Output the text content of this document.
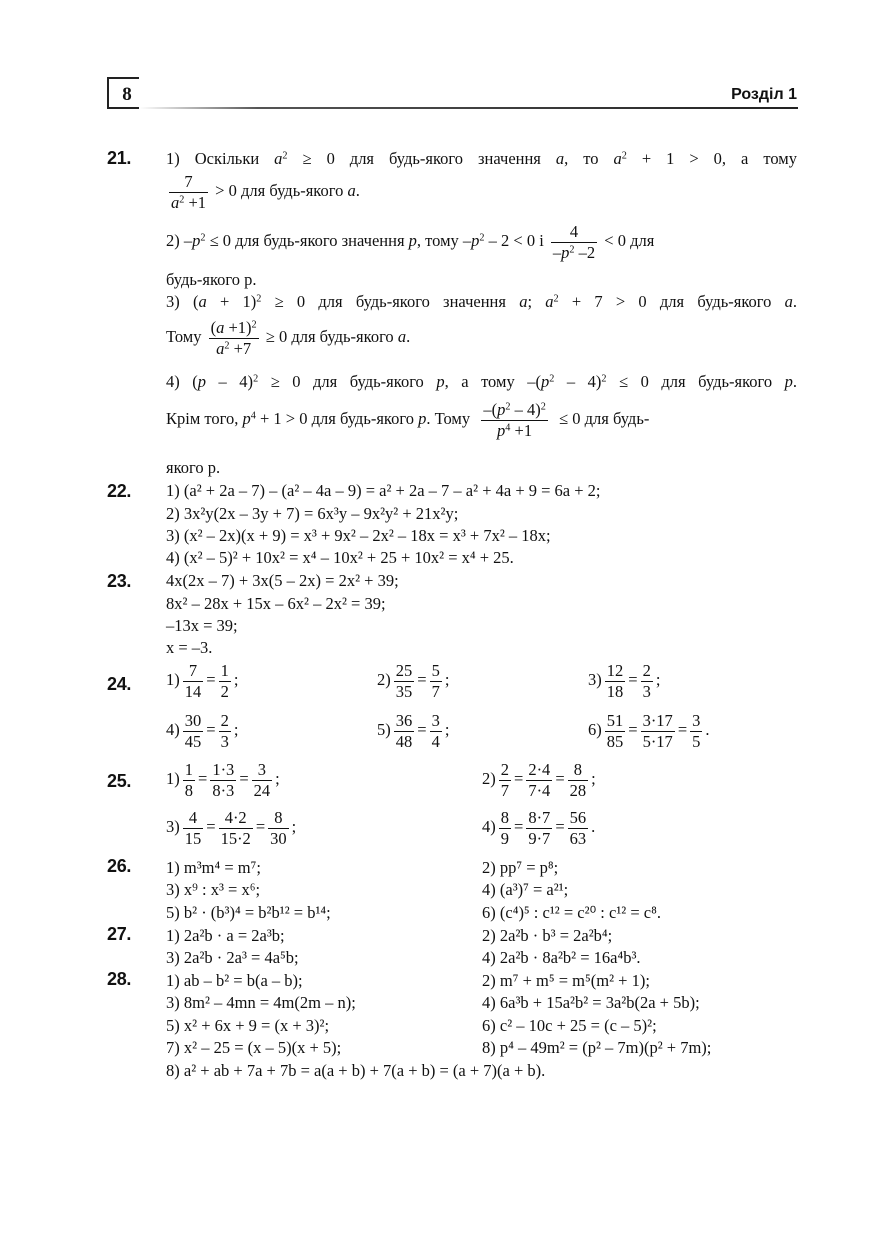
8	Розділ 1
21.
22.
23.
24.
25.
26.
27.
28.
1) Оскільки $a^2 \ge 0$ для будь-якого значення a, то $a^2 + 1 > 0$, а тому
$\frac{7}{a^2 +1} > 0$ для будь-якого a.
2) $-p^2 \le 0$ для будь-якого значення p, тому $-p^2 - 2 < 0$ і $\frac{4}{-p^2 -2} < 0$ для
будь-якого p.
3) $(a + 1)^2 \ge 0$ для будь-якого значення a; $a^2 + 7 > 0$ для будь-якого a.
Тому $\frac{(a +1)^2}{a^2 +7} \ge 0$ для будь-якого a.
4) (p – 4)$^2$ ≥ 0 для будь-якого p, а тому $-(p^2 - 4)^2 \le 0$ для будь-якого p.
Крім того, $p^4 + 1 > 0$ для будь-якого p. Тому $\frac{-(p^2 - 4)^2}{p^4 +1} \le 0$ для будь-
якого p.
1) (a² + 2a – 7) – (a² – 4a – 9) = a² + 2a – 7 – a² + 4a + 9 = 6a + 2;
2) 3x²y(2x – 3y + 7) = 6x³y – 9x²y² + 21x²y;
3) (x² – 2x)(x + 9) = x³ + 9x² – 2x² – 18x = x³ + 7x² – 18x;
4) (x² – 5)² + 10x² = x⁴ – 10x² + 25 + 10x² = x⁴ + 25.
4x(2x – 7) + 3x(5 – 2x) = 2x² + 39;
8x² – 28x + 15x – 6x² – 2x² = 39;
–13x = 39;
x = –3.
$1) \frac{7}{14} = \frac{1}{2}$ ;	$2) \frac{25}{35} = \frac{5}{7}$ ;	$3) \frac{12}{18} = \frac{2}{3}$ ;
$4) \frac{30}{45} = \frac{2}{3}$ ;	$5) \frac{36}{48} = \frac{3}{4}$ ;	$6) \frac{51}{85} = \frac{3\cdot 17}{5\cdot 17} = \frac{3}{5}$ .
$1) \frac{1}{8} = \frac{1\cdot 3}{8\cdot 3} = \frac{3}{24}$ ;	$2) \frac{2}{7} = \frac{2\cdot 4}{7\cdot 4} = \frac{8}{28}$ ;
$3) \frac{4}{15} = \frac{4\cdot 2}{15\cdot 2} = \frac{8}{30}$ ;	$4) \frac{8}{9} = \frac{8\cdot 7}{9\cdot 7} = \frac{56}{63}$ .
1) m³m⁴ = m⁷;	2) pp⁷ = p⁸;
3) x⁹ : x³ = x⁶;	4) (a³)⁷ = a²¹;
5) b² · (b³)⁴ = b²b¹² = b¹⁴;	6) (c⁴)⁵ : c¹² = c²⁰ : c¹² = c⁸.
1) 2a²b · a = 2a³b;	2) 2a²b · b³ = 2a²b⁴;
3) 2a²b · 2a³ = 4a⁵b;	4) 2a²b · 8a²b² = 16a⁴b³.
1) ab – b² = b(a – b);	2) m⁷ + m⁵ = m⁵(m² + 1);
3) 8m² – 4mn = 4m(2m – n);	4) 6a³b + 15a²b² = 3a²b(2a + 5b);
5) x² + 6x + 9 = (x + 3)²;	6) c² – 10c + 25 = (c – 5)²;
7) x² – 25 = (x – 5)(x + 5);	8) p⁴ – 49m² = (p² – 7m)(p² + 7m);
8) a² + ab + 7a + 7b = a(a + b) + 7(a + b) = (a + 7)(a + b).
